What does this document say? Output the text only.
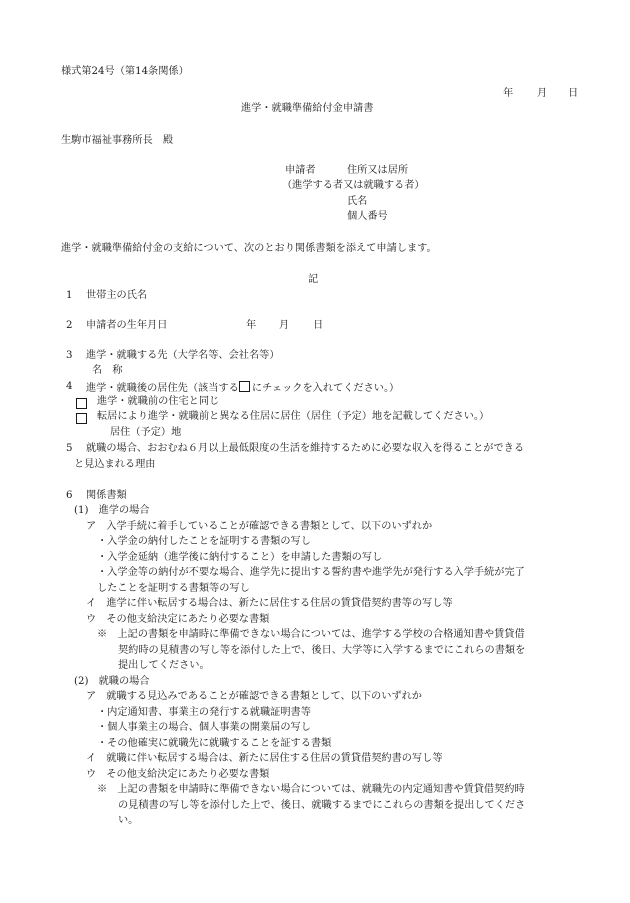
様式第24号（第14条関係）
年 月 日
進学・就職準備給付金申請書
生駒市福祉事務所長　殿
申請者	住所又は居所
（進学する者又は就職する者）
氏名
個人番号
進学・就職準備給付金の支給について、次のとおり関係書類を添えて申請します。
記
1 世帯主の氏名
2 申請者の生年月日	年 月 日
3 進学・就職する先（大学名等、会社名等）
名　称
4 進学・就職後の居住先（該当する にチェックを入れてください。）
進学・就職前の住宅と同じ
転居により進学・就職前と異なる住居に居住（居住（予定）地を記載してください。）
居住（予定）地
5 就職の場合、おおむね６月以上最低限度の生活を維持するために必要な収入を得ることができる
と見込まれる理由
6 関係書類
(1)　進学の場合
ア　入学手続に着手していることが確認できる書類として、以下のいずれか
・入学金の納付したことを証明する書類の写し
・入学金延納（進学後に納付すること）を申請した書類の写し
・入学金等の納付が不要な場合、進学先に提出する誓約書や進学先が発行する入学手続が完了
したことを証明する書類等の写し
イ　進学に伴い転居する場合は、新たに居住する住居の賃貸借契約書等の写し等
ウ　その他支給決定にあたり必要な書類
※　上記の書類を申請時に準備できない場合については、進学する学校の合格通知書や賃貸借
契約時の見積書の写し等を添付した上で、後日、大学等に入学するまでにこれらの書類を
提出してください。
(2)　就職の場合
ア　就職する見込みであることが確認できる書類として、以下のいずれか
・内定通知書、事業主の発行する就職証明書等
・個人事業主の場合、個人事業の開業届の写し
・その他確実に就職先に就職することを証する書類
イ　就職に伴い転居する場合は、新たに居住する住居の賃貸借契約書の写し等
ウ　その他支給決定にあたり必要な書類
※　上記の書類を申請時に準備できない場合については、就職先の内定通知書や賃貸借契約時
の見積書の写し等を添付した上で、後日、就職するまでにこれらの書類を提出してくださ
い。
